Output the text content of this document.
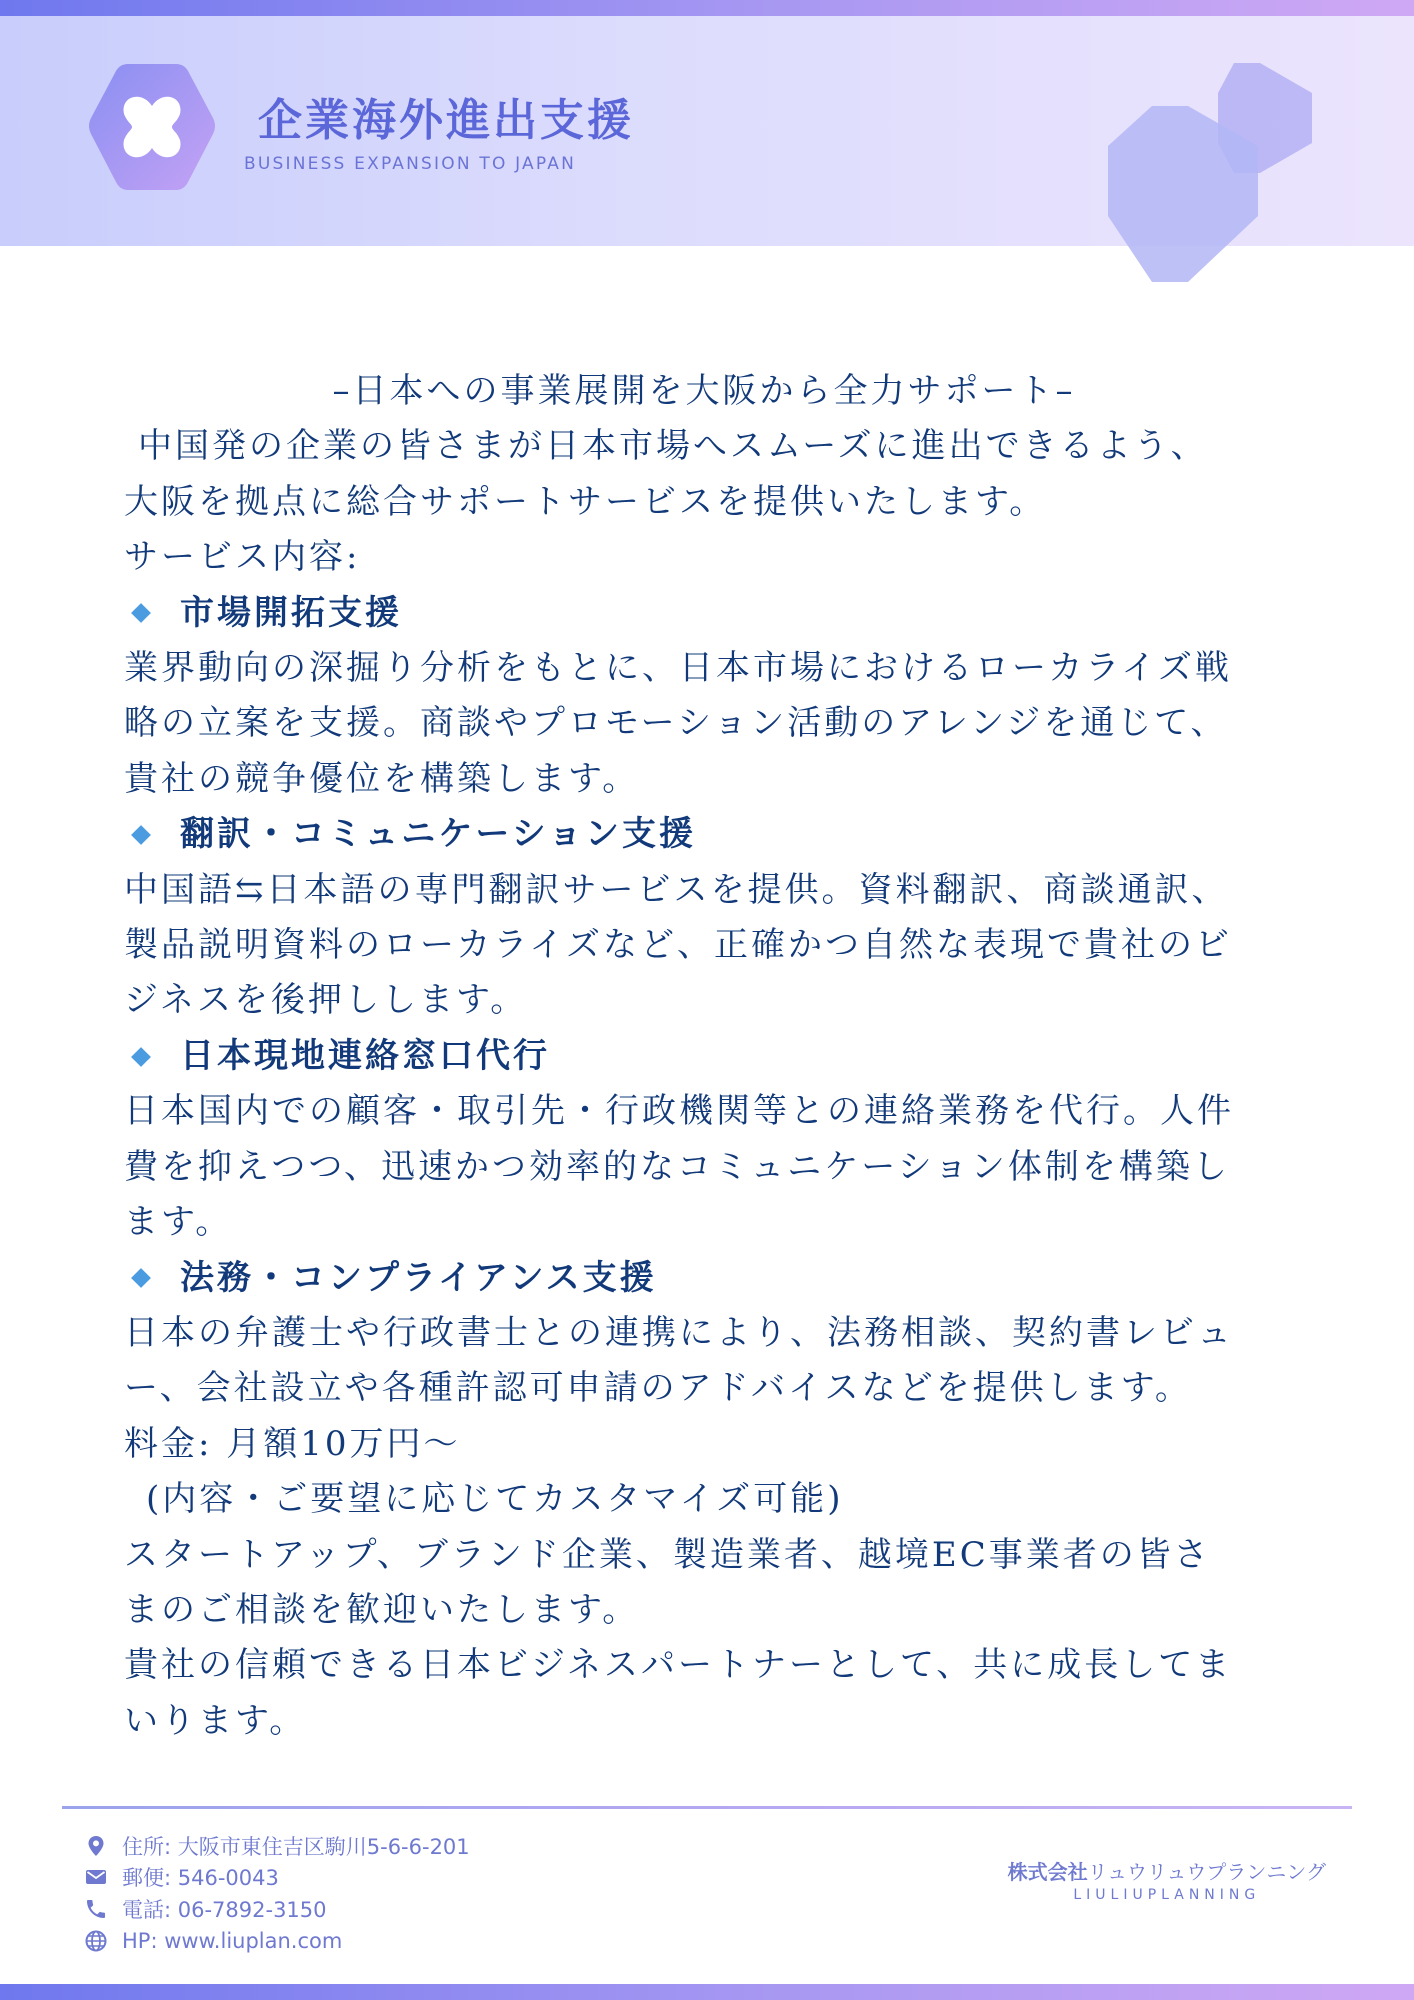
企業海外進出支援
BUSINESS EXPANSION TO JAPAN

–日本への事業展開を大阪から全力サポート–

中国発の企業の皆さまが日本市場へスムーズに進出できるよう、

大阪を拠点に総合サポートサービスを提供いたします。

サービス内容:

市場開拓支援

業界動向の深掘り分析をもとに、日本市場におけるローカライズ戦

略の立案を支援。商談やプロモーション活動のアレンジを通じて、

貴社の競争優位を構築します。

翻訳・コミュニケーション支援

中国語⇆日本語の専門翻訳サービスを提供。資料翻訳、商談通訳、

製品説明資料のローカライズなど、正確かつ自然な表現で貴社のビ

ジネスを後押しします。

日本現地連絡窓口代行

日本国内での顧客・取引先・行政機関等との連絡業務を代行。人件

費を抑えつつ、迅速かつ効率的なコミュニケーション体制を構築し

ます。

法務・コンプライアンス支援

日本の弁護士や行政書士との連携により、法務相談、契約書レビュ

ー、会社設立や各種許認可申請のアドバイスなどを提供します。

料金: 月額10万円～

(内容・ご要望に応じてカスタマイズ可能)

スタートアップ、ブランド企業、製造業者、越境EC事業者の皆さ

まのご相談を歓迎いたします。

貴社の信頼できる日本ビジネスパートナーとして、共に成長してま

いります。

住所: 大阪市東住吉区駒川5-6-6-201
郵便: 546-0043
電話: 06-7892-3150
HP: www.liuplan.com
株式会社リュウリュウプランニング
LIULIUPLANNING
